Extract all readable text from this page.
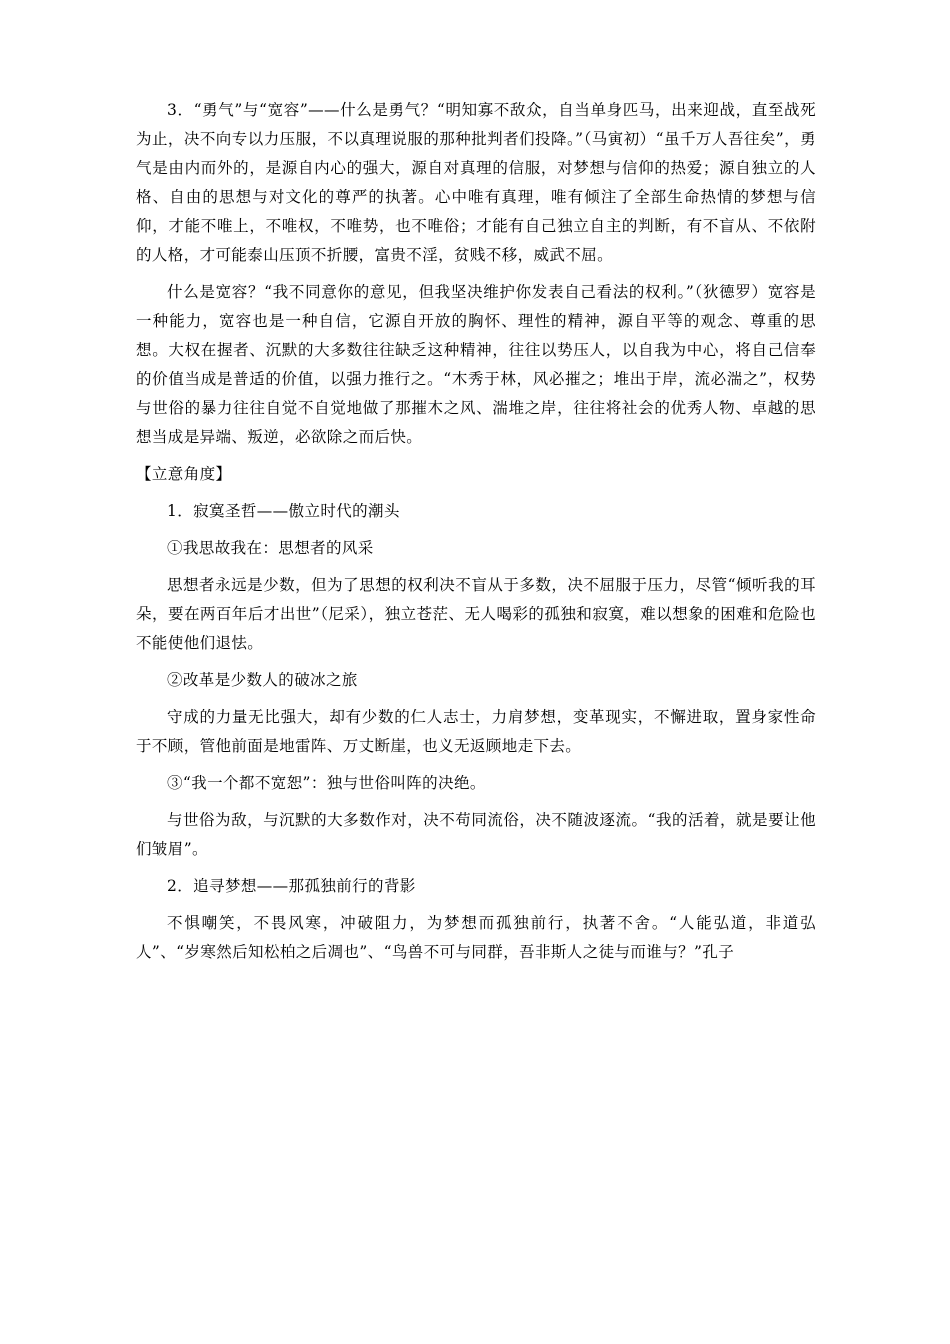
3．“勇气”与“宽容”——什么是勇气？“明知寡不敌众，自当单身匹马，出来迎战，直至战死为止，决不向专以力压服，不以真理说服的那种批判者们投降。”（马寅初）“虽千万人吾往矣”，勇气是由内而外的，是源自内心的强大，源自对真理的信服，对梦想与信仰的热爱；源自独立的人格、自由的思想与对文化的尊严的执著。心中唯有真理，唯有倾注了全部生命热情的梦想与信仰，才能不唯上，不唯权，不唯势，也不唯俗；才能有自己独立自主的判断，有不盲从、不依附的人格，才可能泰山压顶不折腰，富贵不淫，贫贱不移，威武不屈。

什么是宽容？“我不同意你的意见，但我坚决维护你发表自己看法的权利。”（狄德罗）宽容是一种能力，宽容也是一种自信，它源自开放的胸怀、理性的精神，源自平等的观念、尊重的思想。大权在握者、沉默的大多数往往缺乏这种精神，往往以势压人，以自我为中心，将自己信奉的价值当成是普适的价值，以强力推行之。“木秀于林，风必摧之；堆出于岸，流必湍之”，权势与世俗的暴力往往自觉不自觉地做了那摧木之风、湍堆之岸，往往将社会的优秀人物、卓越的思想当成是异端、叛逆，必欲除之而后快。

【立意角度】

1．寂寞圣哲——傲立时代的潮头

①我思故我在：思想者的风采

思想者永远是少数，但为了思想的权利决不盲从于多数，决不屈服于压力，尽管“倾听我的耳朵，要在两百年后才出世”（尼采），独立苍茫、无人喝彩的孤独和寂寞，难以想象的困难和危险也不能使他们退怯。

②改革是少数人的破冰之旅

守成的力量无比强大，却有少数的仁人志士，力肩梦想，变革现实，不懈进取，置身家性命于不顾，管他前面是地雷阵、万丈断崖，也义无返顾地走下去。

③“我一个都不宽恕”：独与世俗叫阵的决绝。

与世俗为敌，与沉默的大多数作对，决不苟同流俗，决不随波逐流。“我的活着，就是要让他们皱眉”。

2．追寻梦想——那孤独前行的背影

不惧嘲笑，不畏风寒，冲破阻力，为梦想而孤独前行，执著不舍。“人能弘道，非道弘人”、“岁寒然后知松柏之后凋也”、“鸟兽不可与同群，吾非斯人之徒与而谁与？”孔子
